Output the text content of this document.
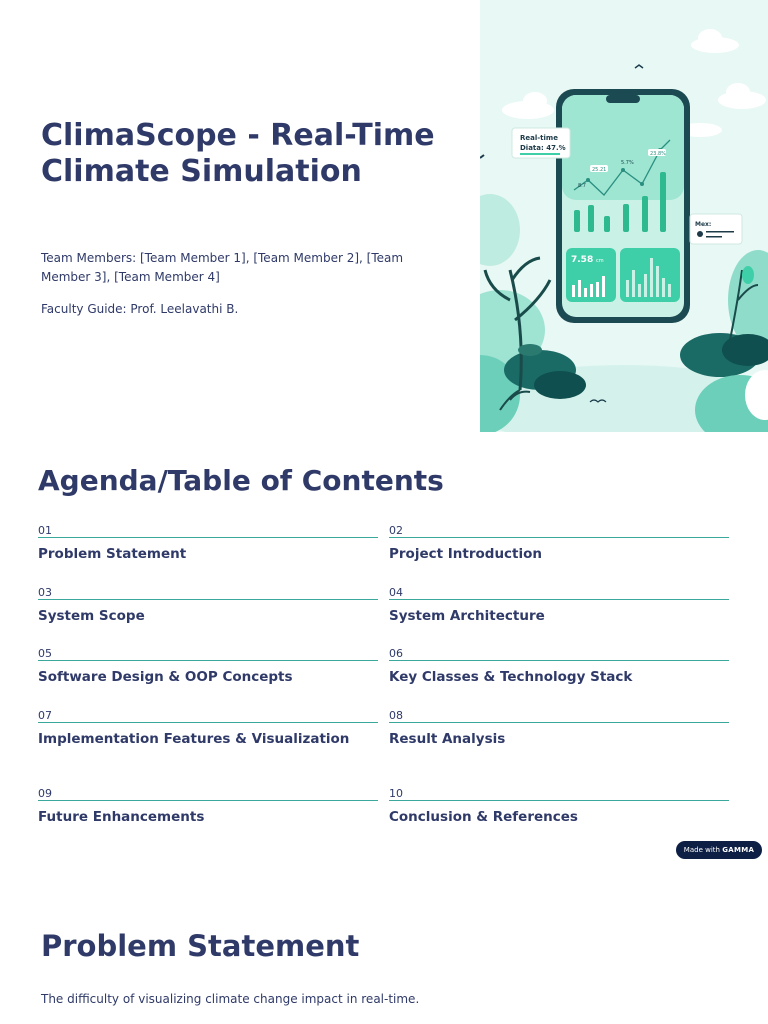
ClimaScope - Real-Time Climate Simulation

Team Members: [Team Member 1], [Team Member 2], [Team Member 3], [Team Member 4]

Faculty Guide: Prof. Leelavathi B.

25.21
8.7
5.7%
23.8%
7.58 cm
Real-time
Diata: 47.%
Mex:
Agenda/Table of Contents
01
Problem Statement
02
Project Introduction
03
System Scope
04
System Architecture
05
Software Design & OOP Concepts
06
Key Classes & Technology Stack
07
Implementation Features & Visualization
08
Result Analysis
09
Future Enhancements
10
Conclusion & References
Made with GAMMA
Problem Statement

The difficulty of visualizing climate change impact in real-time.
